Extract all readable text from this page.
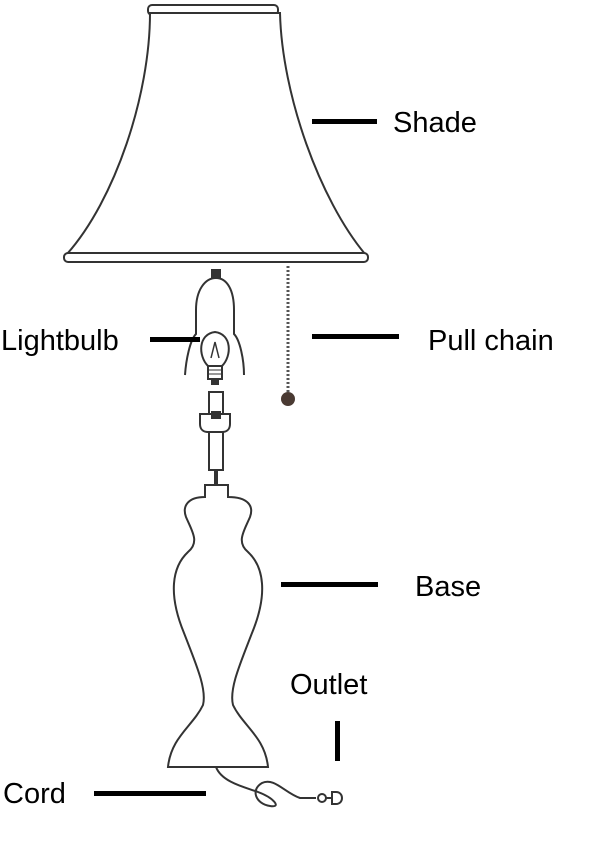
Shade
Lightbulb	Pull chain
Base
Outlet
Cord
